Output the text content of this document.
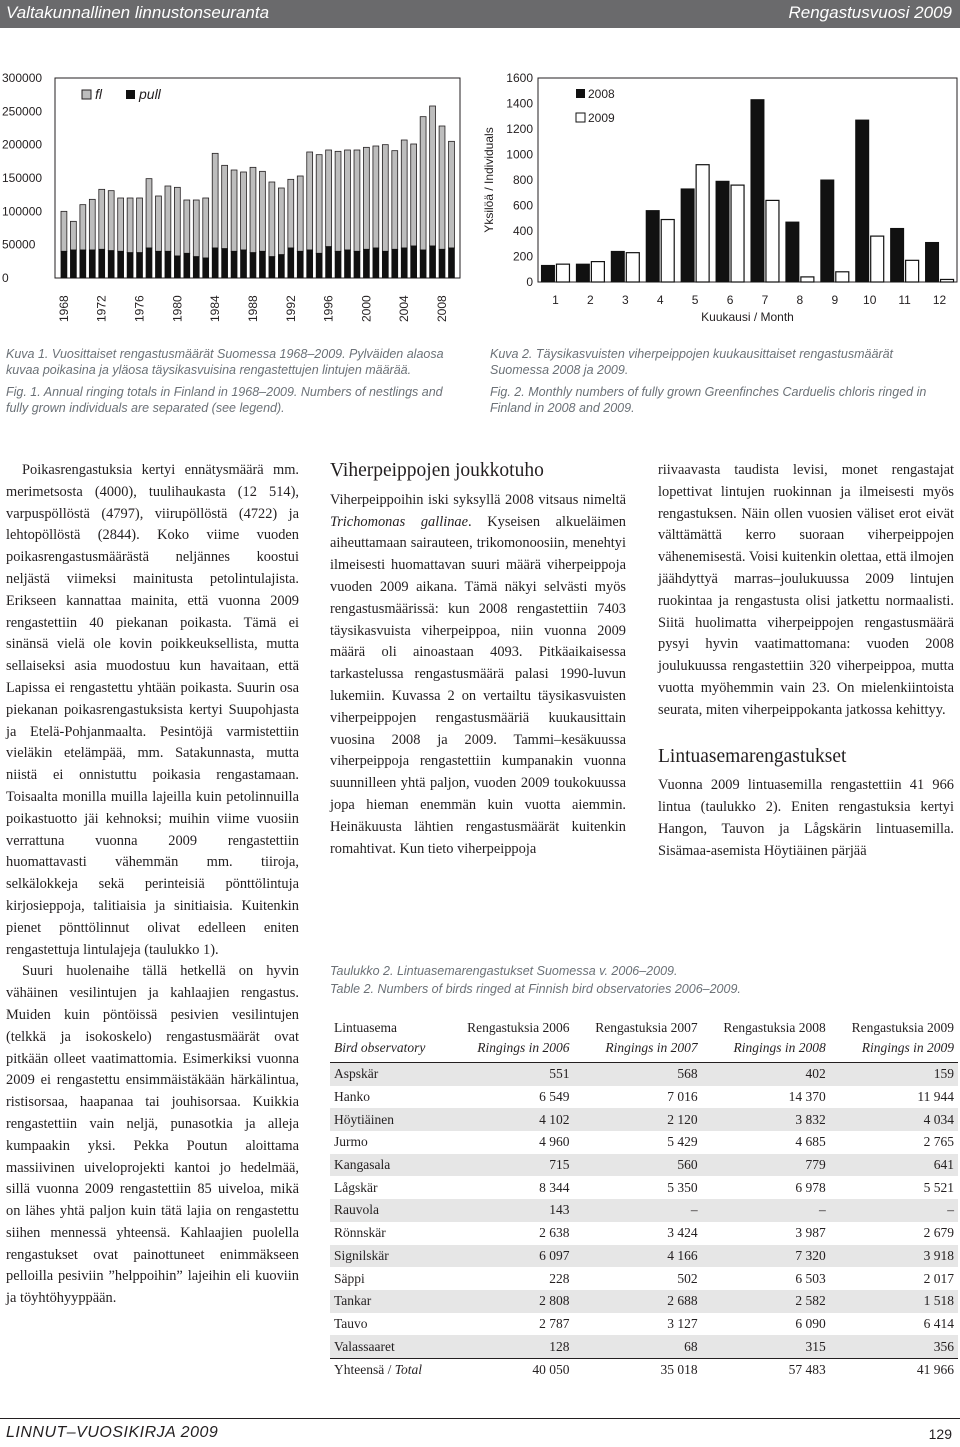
Valtakunnallinen linnustonseuranta	Rengastusvuosi 2009
300000
250000
200000
150000
100000
50000
0
1968 1972 1976 1980 1984 1988 1992 1996 2000 2004 2008
fl	pull
1600
1400
1200
1000
800
600
400
200
0
Yksilöä / Individuals
1 2 3 4 5 6 7 8 9 10 11 12
Kuukausi / Month
2008
2009
Kuva 1. Vuosittaiset rengastusmäärät Suomessa 1968–2009. Pylväiden alaosa kuvaa poikasina ja yläosa täysikasvuisina rengastettujen lintujen määrää.
Fig. 1. Annual ringing totals in Finland in 1968–2009. Numbers of nestlings and fully grown individuals are separated (see legend).
Kuva 2. Täysikasvuisten viherpeippojen kuukausittaiset rengastusmäärät Suomessa 2008 ja 2009.
Fig. 2. Monthly numbers of fully grown Greenfinches Carduelis chloris ringed in Finland in 2008 and 2009.

Poikasrengastuksia kertyi ennätysmäärä mm. merimetsosta (4000), tuulihaukasta (12 514), varpuspöllöstä (4797), viirupöllöstä (4722) ja lehtopöllöstä (2844). Koko viime vuoden poikasrengastusmäärästä neljännes koostui neljästä viimeksi mainitusta petolintulajista. Erikseen kannattaa mainita, että vuonna 2009 rengastettiin 40 piekanan poikasta. Tämä ei sinänsä vielä ole kovin poikkeuksellista, mutta sellaiseksi asia muodostuu kun havaitaan, että Lapissa ei rengastettu yhtään poikasta. Suurin osa piekanan poikasrengastuksista kertyi Suupohjasta ja Etelä-Pohjanmaalta. Pesintöjä varmistettiin vieläkin etelämpää, mm. Satakunnasta, mutta niistä ei onnistuttu poikasia rengastamaan. Toisaalta monilla muilla lajeilla kuin petolinnuilla poikastuotto jäi kehnoksi; muihin viime vuosiin verrattuna vuonna 2009 rengastettiin huomattavasti vähemmän mm. tiiroja, selkälokkeja sekä perinteisiä pönttölintuja kirjosieppoja, talitiaisia ja sinitiaisia. Kuitenkin pienet pönttölinnut olivat edelleen eniten rengastettuja lintulajeja (taulukko 1).

Suuri huolenaihe tällä hetkellä on hyvin vähäinen vesilintujen ja kahlaajien rengastus. Muiden kuin pöntöissä pesivien vesilintujen (telkkä ja isokoskelo) rengastusmäärät ovat pitkään olleet vaatimattomia. Esimerkiksi vuonna 2009 ei rengastettu ensimmäistäkään härkälintua, ristisorsaa, haapanaa tai jouhisorsaa. Kuikkia rengastettiin vain neljä, punasotkia ja alleja kumpaakin yksi. Pekka Poutun aloittama massiivinen uiveloprojekti kantoi jo hedelmää, sillä vuonna 2009 rengastettiin 85 uiveloa, mikä on lähes yhtä paljon kuin tätä lajia on rengastettu siihen mennessä yhteensä. Kahlaajien puolella rengastukset ovat painottuneet enimmäkseen pelloilla pesiviin ”helppoihin” lajeihin eli kuoviin ja töyhtöhyyppään.

Viherpeippojen joukkotuho

Viherpeippoihin iski syksyllä 2008 vitsaus nimeltä Trichomonas gallinae. Kyseisen alkueläimen aiheuttamaan sairauteen, trikomonoosiin, menehtyi ilmeisesti huomattavan suuri määrä viherpeippoja vuoden 2009 aikana. Tämä näkyi selvästi myös rengastusmäärissä: kun 2008 rengastettiin 7403 täysikasvuista viherpeippoa, niin vuonna 2009 määrä oli ainoastaan 4093. Pitkäaikaisessa tarkastelussa rengastusmäärä palasi 1990-luvun lukemiin. Kuvassa 2 on vertailtu täysikasvuisten viherpeippojen rengastusmääriä kuukausittain vuosina 2008 ja 2009. Tammi–kesäkuussa viherpeippoja rengastettiin kumpanakin vuonna suunnilleen yhtä paljon, vuoden 2009 toukokuussa jopa hieman enemmän kuin vuotta aiemmin. Heinäkuusta lähtien rengastusmäärät kuitenkin romahtivat. Kun tieto viherpeippoja

riivaavasta taudista levisi, monet rengastajat lopettivat lintujen ruokinnan ja ilmeisesti myös rengastuksen. Näin ollen vuosien väliset erot eivät välttämättä kerro suoraan viherpeippojen vähenemisestä. Voisi kuitenkin olettaa, että ilmojen jäähdyttyä marras–joulukuussa 2009 lintujen ruokintaa ja rengastusta olisi jatkettu normaalisti. Siitä huolimatta viherpeippojen rengastusmäärä pysyi hyvin vaatimattomana: vuoden 2008 joulukuussa rengastettiin 320 viherpeippoa, mutta vuotta myöhemmin vain 23. On mielenkiintoista seurata, miten viherpeippokanta jatkossa kehittyy.

Lintuasemarengastukset

Vuonna 2009 lintuasemilla rengastettiin 41 966 lintua (taulukko 2). Eniten rengastuksia kertyi Hangon, Tauvon ja Lågskärin lintuasemilla. Sisämaa-asemista Höytiäinen pärjää

Taulukko 2. Lintuasemarengastukset Suomessa v. 2006–2009.
Table 2. Numbers of birds ringed at Finnish bird observatories 2006–2009.
Lintuasema	Rengastuksia 2006	Rengastuksia 2007	Rengastuksia 2008	Rengastuksia 2009
Bird observatory	Ringings in 2006	Ringings in 2007	Ringings in 2008	Ringings in 2009
Aspskär	551	568	402	159
Hanko	6 549	7 016	14 370	11 944
Höytiäinen	4 102	2 120	3 832	4 034
Jurmo	4 960	5 429	4 685	2 765
Kangasala	715	560	779	641
Lågskär	8 344	5 350	6 978	5 521
Rauvola	143	–	–	–
Rönnskär	2 638	3 424	3 987	2 679
Signilskär	6 097	4 166	7 320	3 918
Säppi	228	502	6 503	2 017
Tankar	2 808	2 688	2 582	1 518
Tauvo	2 787	3 127	6 090	6 414
Valassaaret	128	68	315	356
Yhteensä / Total	40 050	35 018	57 483	41 966
LINNUT–VUOSIKIRJA 2009	129
